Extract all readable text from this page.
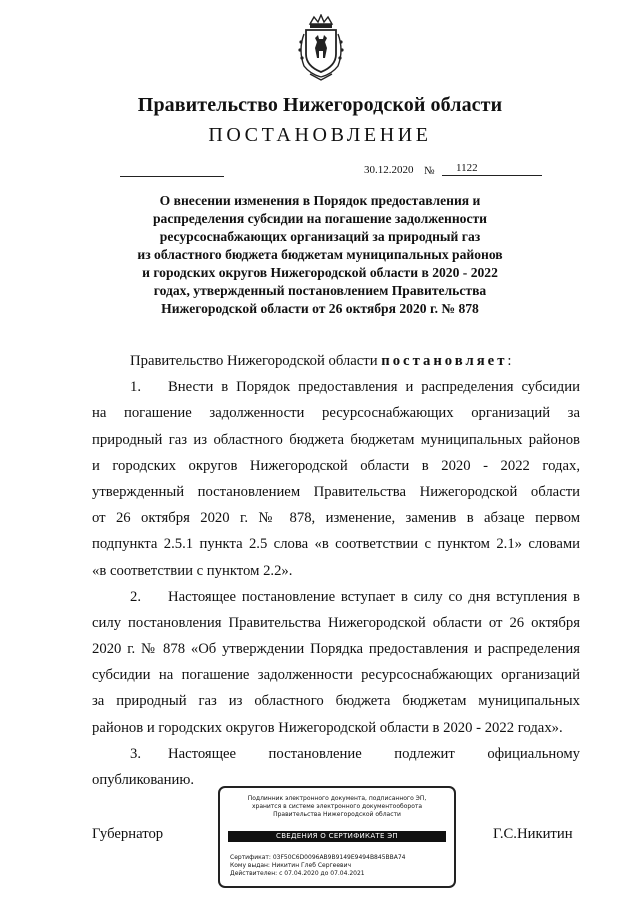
Правительство Нижегородской области
ПОСТАНОВЛЕНИЕ
30.12.2020 №	1122
О внесении изменения в Порядок предоставления и
распределения субсидии на погашение задолженности
ресурсоснабжающих организаций за природный газ
из областного бюджета бюджетам муниципальных районов
и городских округов Нижегородской области в 2020 - 2022
годах, утвержденный постановлением Правительства
Нижегородской области от 26 октября 2020 г. № 878
Правительство Нижегородской области постановляет:
1. Внести в Порядок предоставления и распределения субсидии
на погашение задолженности ресурсоснабжающих организаций за
природный газ из областного бюджета бюджетам муниципальных районов
и городских округов Нижегородской области в 2020 - 2022 годах,
утвержденный постановлением Правительства Нижегородской области
от 26 октября 2020 г. № 878, изменение, заменив в абзаце первом
подпункта 2.5.1 пункта 2.5 слова «в соответствии с пунктом 2.1» словами
«в соответствии с пунктом 2.2».
2. Настоящее постановление вступает в силу со дня вступления в
силу постановления Правительства Нижегородской области от 26 октября
2020 г. № 878 «Об утверждении Порядка предоставления и распределения
субсидии на погашение задолженности ресурсоснабжающих организаций
за природный газ из областного бюджета бюджетам муниципальных
районов и городских округов Нижегородской области в 2020 - 2022 годах».
3. Настоящее постановление подлежит официальному
опубликованию.
Губернатор	Г.С.Никитин
Подлинник электронного документа, подписанного ЭП,
хранится в системе электронного документооборота
Правительства Нижегородской области
СВЕДЕНИЯ О СЕРТИФИКАТЕ ЭП
Сертификат: 03F50C6D0096AB9B9149E9494B845BBA74
Кому выдан: Никитин Глеб Сергеевич
Действителен: с 07.04.2020 до 07.04.2021
